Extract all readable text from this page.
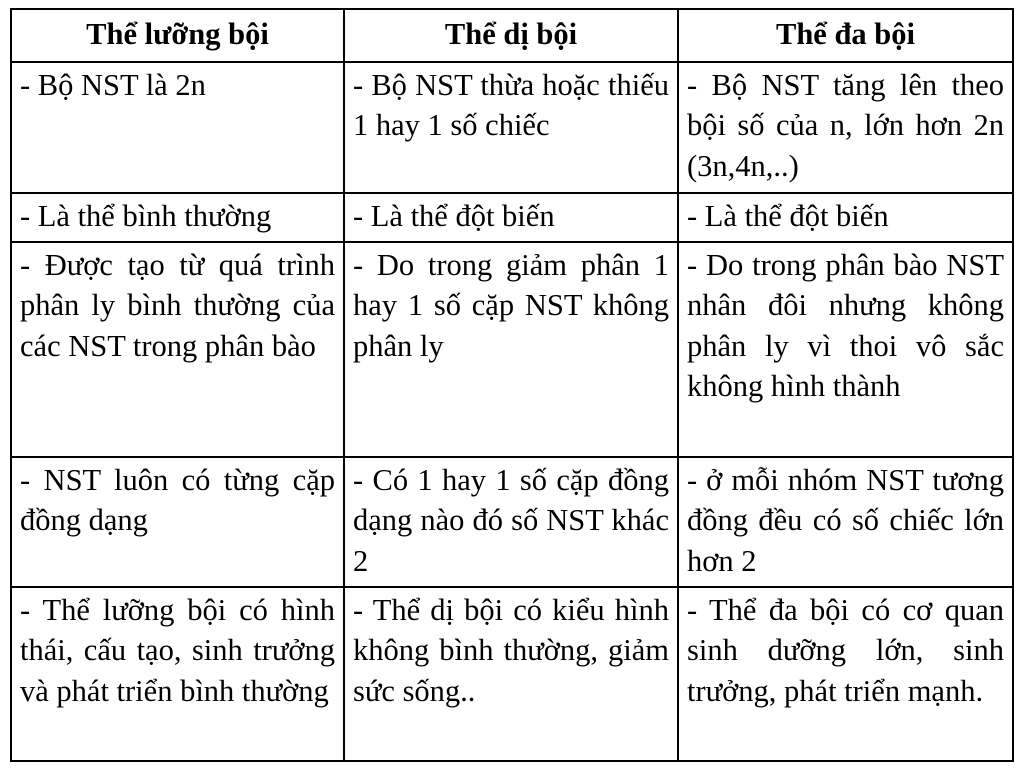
Thể lưỡng bội	Thể dị bội	Thể đa bội
- Bộ NST là 2n	- Bộ NST thừa hoặc thiếu 1 hay 1 số chiếc	- Bộ NST tăng lên theo bội số của n, lớn hơn 2n (3n,4n,..)
- Là thể bình thường	- Là thể đột biến	- Là thể đột biến
- Được tạo từ quá trình phân ly bình thường của các NST trong phân bào	- Do trong giảm phân 1 hay 1 số cặp NST không phân ly	- Do trong phân bào NST nhân đôi nhưng không phân ly vì thoi vô sắc không hình thành
- NST luôn có từng cặp đồng dạng	- Có 1 hay 1 số cặp đồng dạng nào đó số NST khác 2	- ở mỗi nhóm NST tương đồng đều có số chiếc lớn hơn 2
- Thể lưỡng bội có hình thái, cấu tạo, sinh trưởng và phát triển bình thường	- Thể dị bội có kiểu hình không bình thường, giảm sức sống..	- Thể đa bội có cơ quan sinh dưỡng lớn, sinh trưởng, phát triển mạnh.
